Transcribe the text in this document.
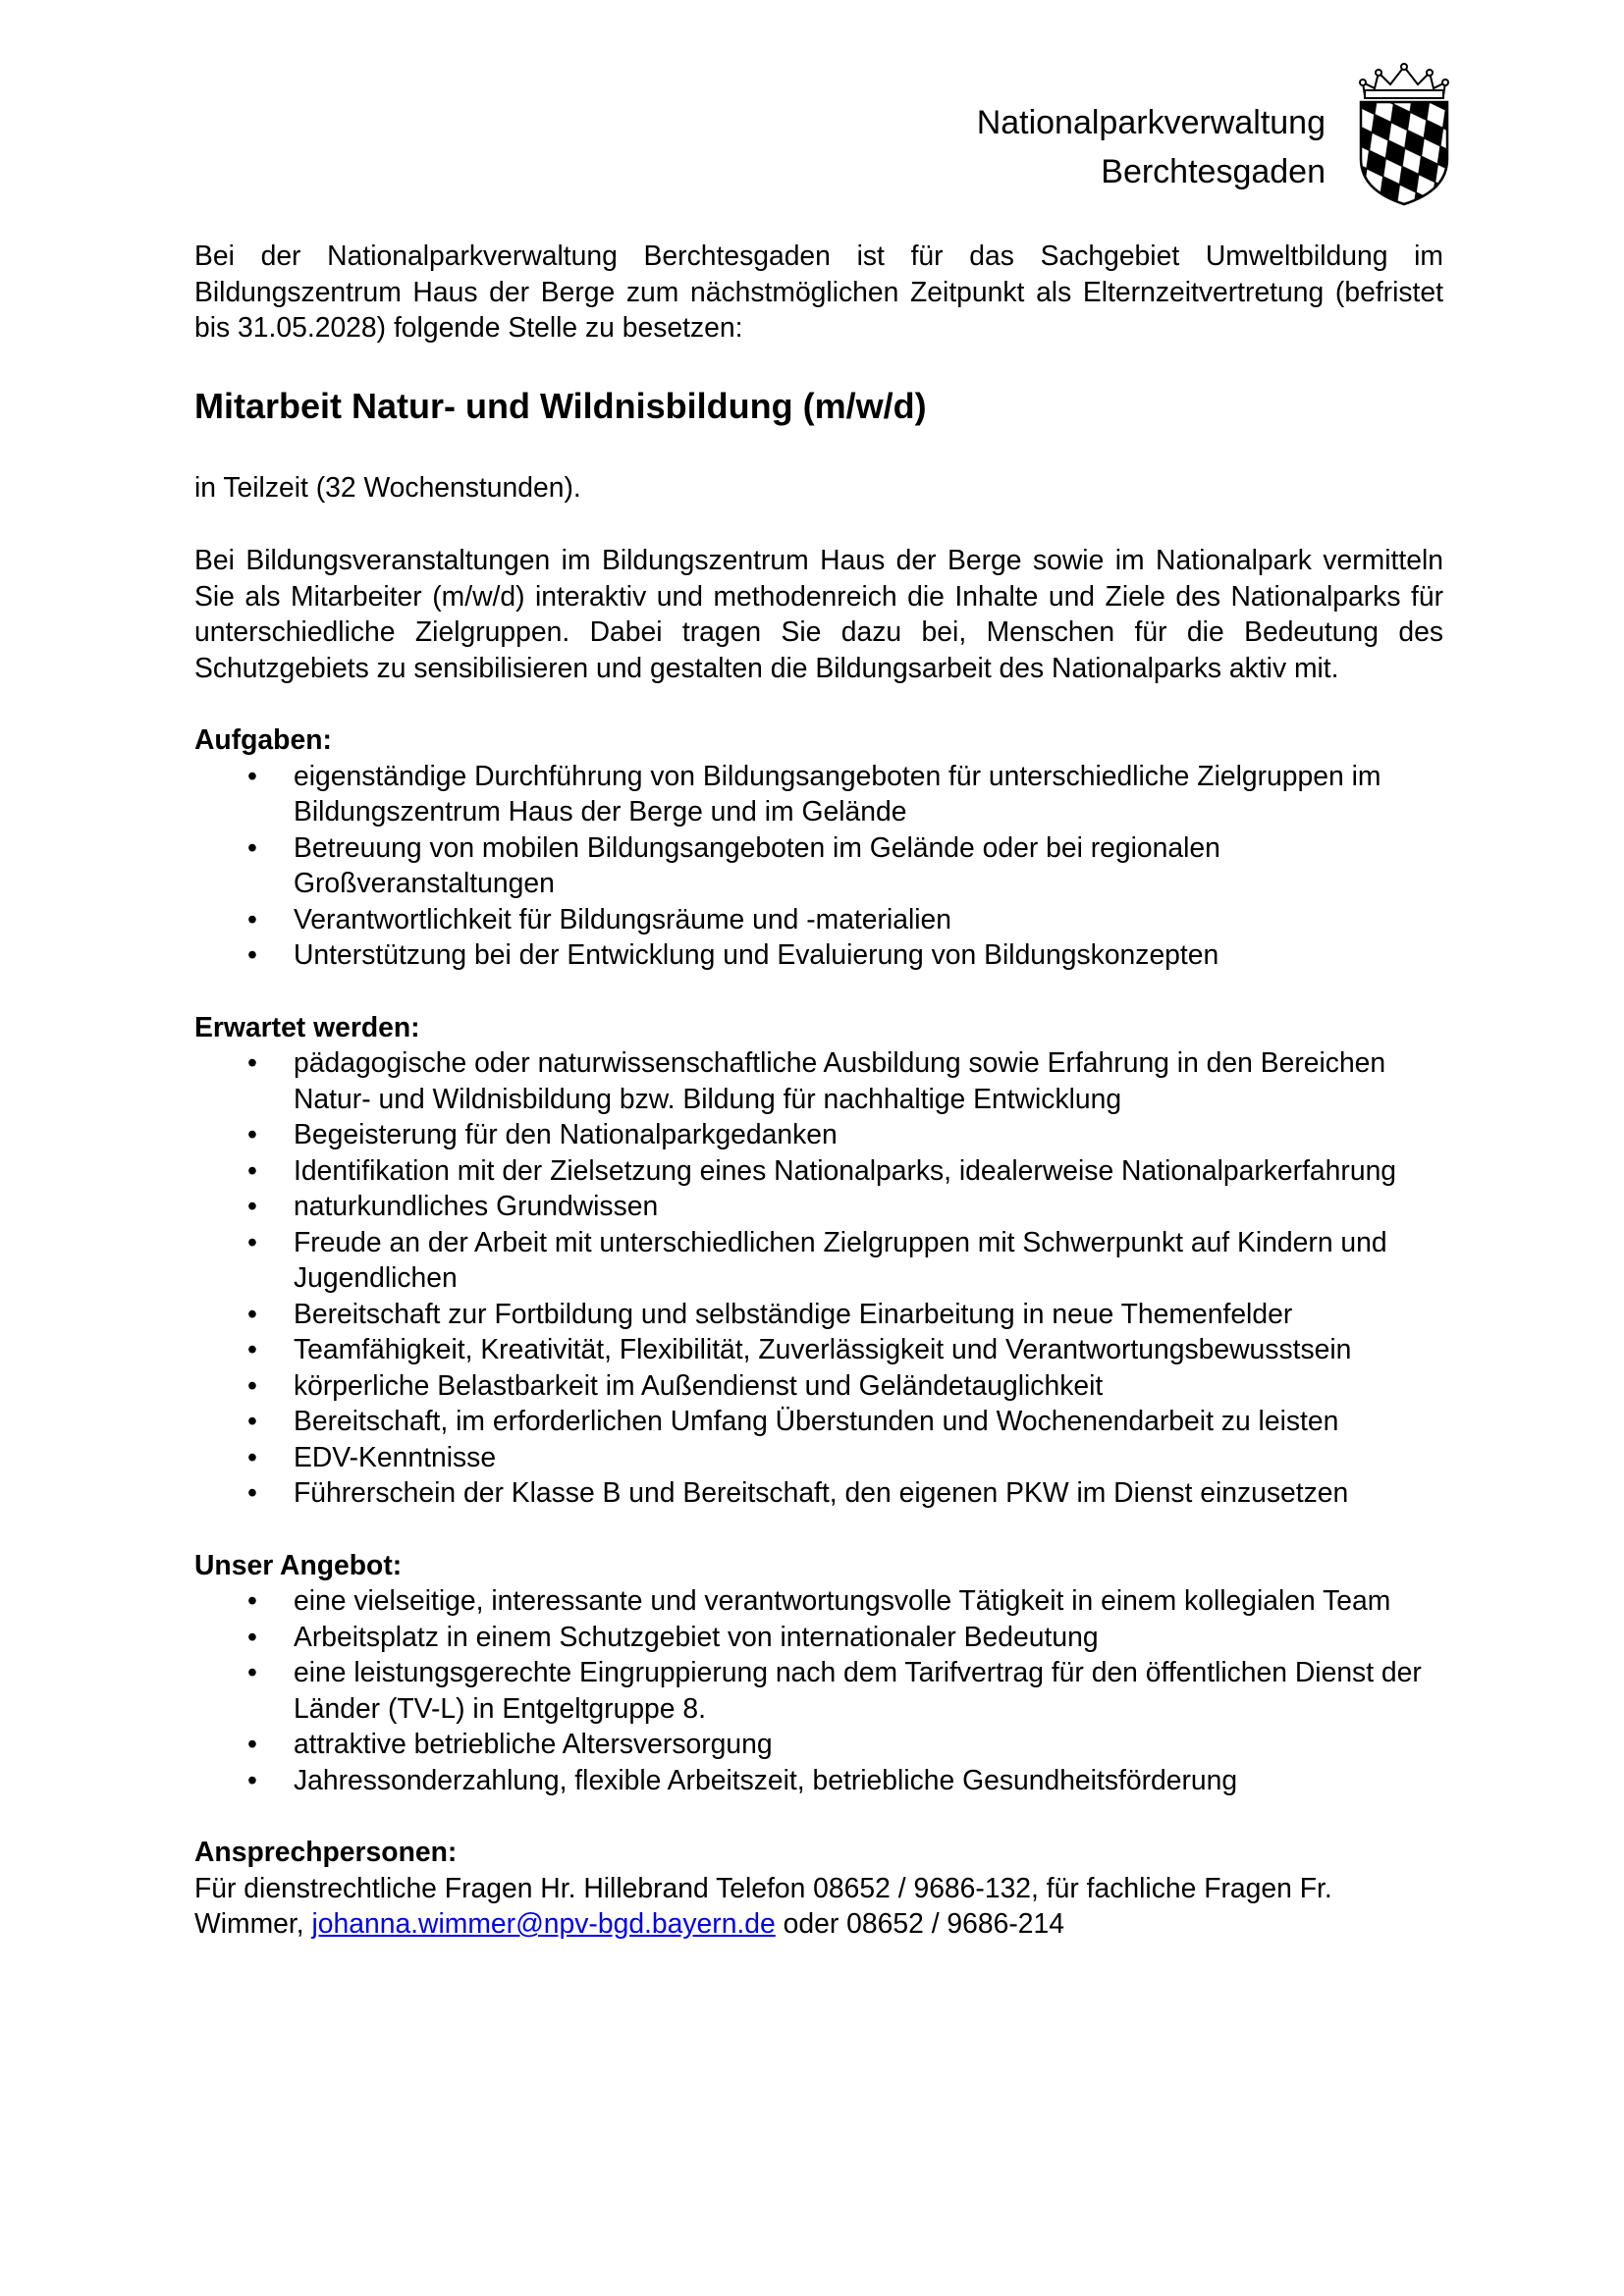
Nationalparkverwaltung
Berchtesgaden

Bei der Nationalparkverwaltung Berchtesgaden ist für das Sachgebiet Umweltbildung im Bildungszentrum Haus der Berge zum nächstmöglichen Zeitpunkt als Elternzeitvertretung (befristet bis 31.05.2028) folgende Stelle zu besetzen:

Mitarbeit Natur- und Wildnisbildung (m/w/d)

in Teilzeit (32 Wochenstunden).

Bei Bildungsveranstaltungen im Bildungszentrum Haus der Berge sowie im Nationalpark vermitteln Sie als Mitarbeiter (m/w/d) interaktiv und methodenreich die Inhalte und Ziele des Nationalparks für unterschiedliche Zielgruppen. Dabei tragen Sie dazu bei, Menschen für die Bedeutung des Schutzgebiets zu sensibilisieren und gestalten die Bildungsarbeit des Nationalparks aktiv mit.

Aufgaben:
• eigenständige Durchführung von Bildungsangeboten für unterschiedliche Zielgruppen im Bildungszentrum Haus der Berge und im Gelände
• Betreuung von mobilen Bildungsangeboten im Gelände oder bei regionalen Großveranstaltungen
• Verantwortlichkeit für Bildungsräume und -materialien
• Unterstützung bei der Entwicklung und Evaluierung von Bildungskonzepten
Erwartet werden:
• pädagogische oder naturwissenschaftliche Ausbildung sowie Erfahrung in den Bereichen Natur- und Wildnisbildung bzw. Bildung für nachhaltige Entwicklung
• Begeisterung für den Nationalparkgedanken
• Identifikation mit der Zielsetzung eines Nationalparks, idealerweise Nationalparkerfahrung
• naturkundliches Grundwissen
• Freude an der Arbeit mit unterschiedlichen Zielgruppen mit Schwerpunkt auf Kindern und Jugendlichen
• Bereitschaft zur Fortbildung und selbständige Einarbeitung in neue Themenfelder
• Teamfähigkeit, Kreativität, Flexibilität, Zuverlässigkeit und Verantwortungsbewusstsein
• körperliche Belastbarkeit im Außendienst und Geländetauglichkeit
• Bereitschaft, im erforderlichen Umfang Überstunden und Wochenendarbeit zu leisten
• EDV-Kenntnisse
• Führerschein der Klasse B und Bereitschaft, den eigenen PKW im Dienst einzusetzen
Unser Angebot:
• eine vielseitige, interessante und verantwortungsvolle Tätigkeit in einem kollegialen Team
• Arbeitsplatz in einem Schutzgebiet von internationaler Bedeutung
• eine leistungsgerechte Eingruppierung nach dem Tarifvertrag für den öffentlichen Dienst der Länder (TV-L) in Entgeltgruppe 8.
• attraktive betriebliche Altersversorgung
• Jahressonderzahlung, flexible Arbeitszeit, betriebliche Gesundheitsförderung
Ansprechpersonen:

Für dienstrechtliche Fragen Hr. Hillebrand Telefon 08652 / 9686-132, für fachliche Fragen Fr. Wimmer, johanna.wimmer@npv-bgd.bayern.de oder 08652 / 9686-214
